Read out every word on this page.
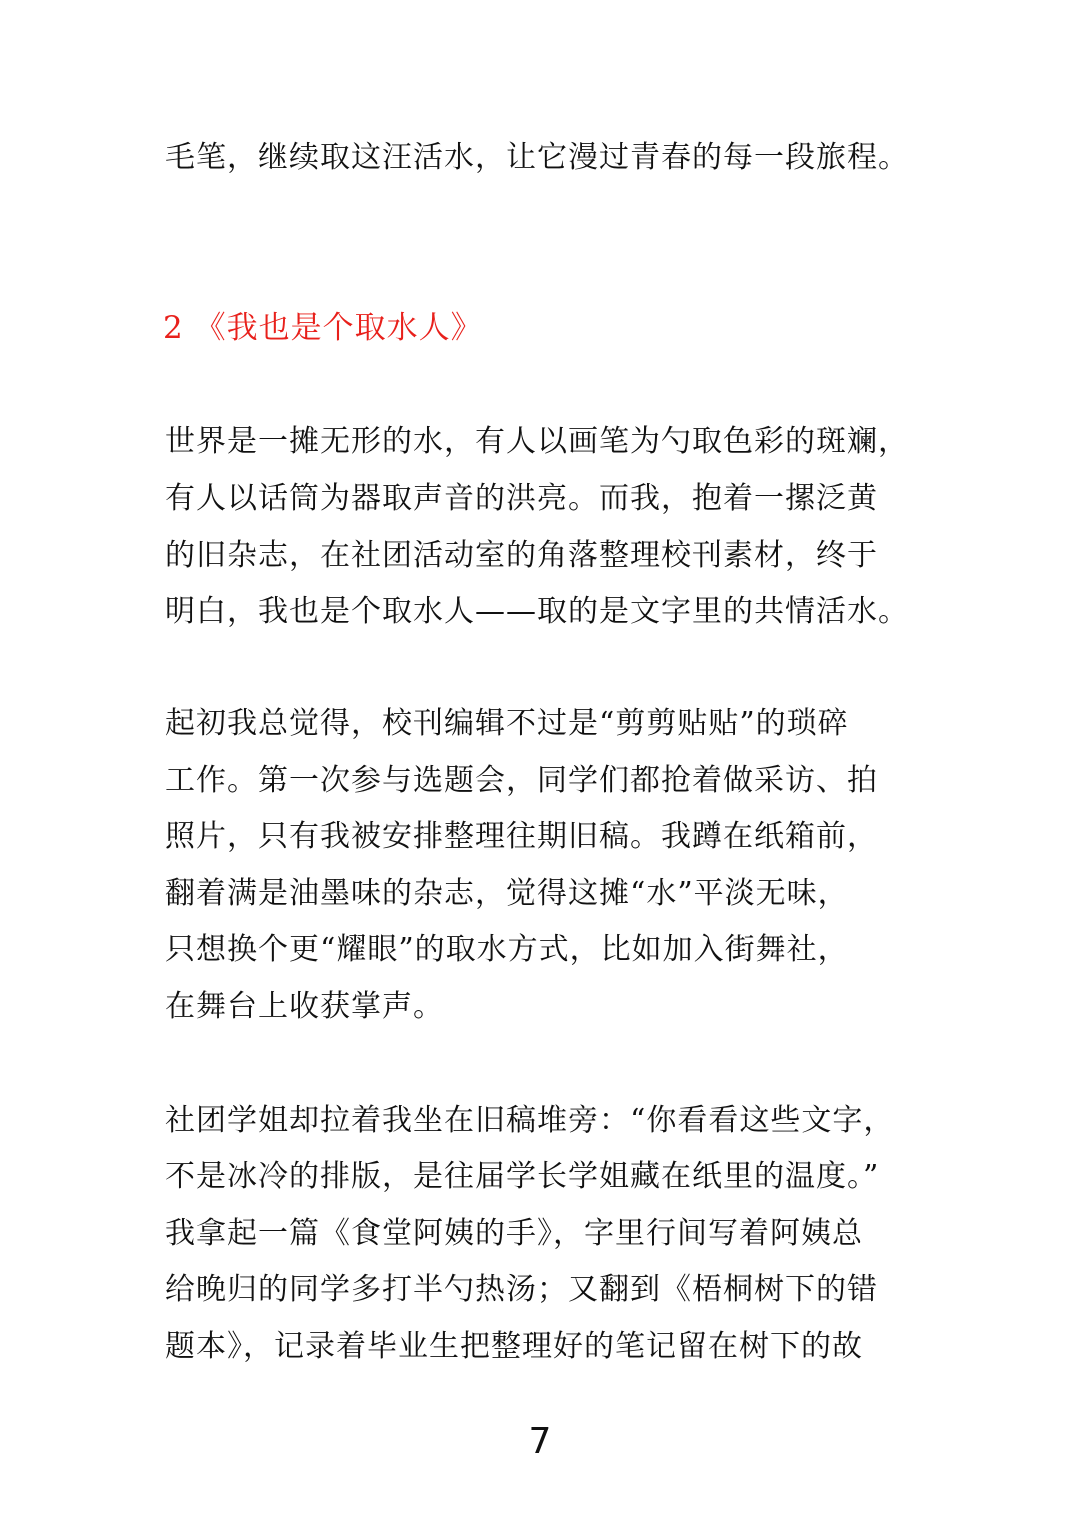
毛笔，继续取这汪活水，让它漫过青春的每一段旅程。
2 《我也是个取水人》
世界是一摊无形的水，有人以画笔为勺取色彩的斑斓，
有人以话筒为器取声音的洪亮。而我，抱着一摞泛黄
的旧杂志，在社团活动室的角落整理校刊素材，终于
明白，我也是个取水人——取的是文字里的共情活水。
起初我总觉得，校刊编辑不过是“剪剪贴贴”的琐碎
工作。第一次参与选题会，同学们都抢着做采访、拍
照片，只有我被安排整理往期旧稿。我蹲在纸箱前，
翻着满是油墨味的杂志，觉得这摊“水”平淡无味，
只想换个更“耀眼”的取水方式，比如加入街舞社，
在舞台上收获掌声。
社团学姐却拉着我坐在旧稿堆旁：“你看看这些文字，
不是冰冷的排版，是往届学长学姐藏在纸里的温度。”
我拿起一篇《食堂阿姨的手》，字里行间写着阿姨总
给晚归的同学多打半勺热汤；又翻到《梧桐树下的错
题本》，记录着毕业生把整理好的笔记留在树下的故
7
